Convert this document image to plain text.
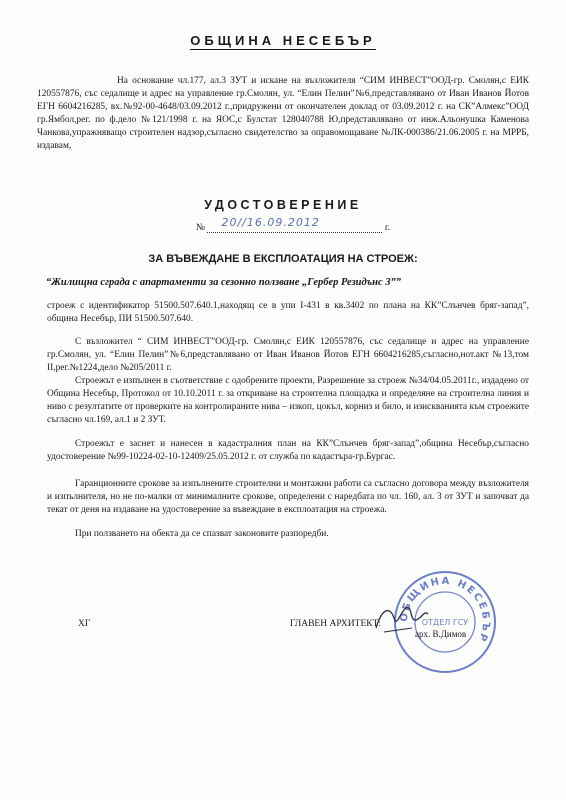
ОБЩИНА НЕСЕБЪР
На основание чл.177, ал.3 ЗУТ и искане на възложителя “СИМ ИНВЕСТ”ООД-гр. Смолян,с ЕИК 120557876, със седалище и адрес на управление гр.Смолян, ул. “Елин Пелин”№6,представлявано от Иван Иванов Йотов ЕГН 6604216285, вх.№92-00-4648/03.09.2012 г.,придружени от окончателен доклад от 03.09.2012 г. на СК”Алмекс”ООД гр.Ямбол,рег. по ф.дело №121/1998 г. на ЯОС,с Булстат 128040788 Ю,представлявано от инж.Альонушка Каменова Чанкова,упражняващо строителен надзор,съгласно свидетелство за оправомощаване №ЛК-000386/21.06.2005 г. на МРРБ, издавам,
УДОСТОВЕРЕНИЕ
№ 20//16.09.2012	г.
ЗА ВЪВЕЖДАНЕ В ЕКСПЛОАТАЦИЯ НА СТРОЕЖ:
“Жилищна сграда с апартаменти за сезонно ползване „Гербер Резидънс 3””
строеж с идентификатор 51500.507.640.1,находящ се в упи I-431 в кв.3402 по плана на КК”Слънчев бряг-запад”, община Несебър, ПИ 51500.507.640.
С възложител “ СИМ ИНВЕСТ”ООД-гр. Смолян,с ЕИК 120557876, със седалище и адрес на управление гр.Смолян, ул. “Елин Пелин”№6,представлявано от Иван Иванов Йотов ЕГН 6604216285,съгласно,нот.акт №13,том II,рег.№1224,дело №205/2011 г.
Строежът е изпълнен в съответствие с одобрените проекти, Разрешение за строеж №34/04.05.2011г., издадено от Община Несебър, Протокол от 10.10.2011 г. за откриване на строителна площадка и определяне на строителна линия и ниво с резултатите от проверките на контролираните нива – изкоп, цокъл, корниз и било, и изискванията към строежите съгласно чл.169, ал.1 и 2 ЗУТ.
Строежът е заснет и нанесен в кадастралния план на КК”Слънчев бряг-запад”,община Несебър,съгласно удостоверение №99-10224-02-10-12409/25.05.2012 г. от служба по кадастъра-гр.Бургас.
Гаранционните срокове за изпълнените строителни и монтажни работи са съгласно договора между възложителя и изпълнителя, но не по-малки от минималните срокове, определени с наредбата по чл. 160, ал. 3 от ЗУТ и започват да текат от деня на издаване на удостоверение за въвеждане в експлоатация на строежа.
При ползването на обекта да се спазват законовите разпоредби.
ХГ	ГЛАВЕН АРХИТЕКТ:
ОБЩИНА НЕСЕБЪР
ОТДЕЛ ГСУ
арх. В.Димов
